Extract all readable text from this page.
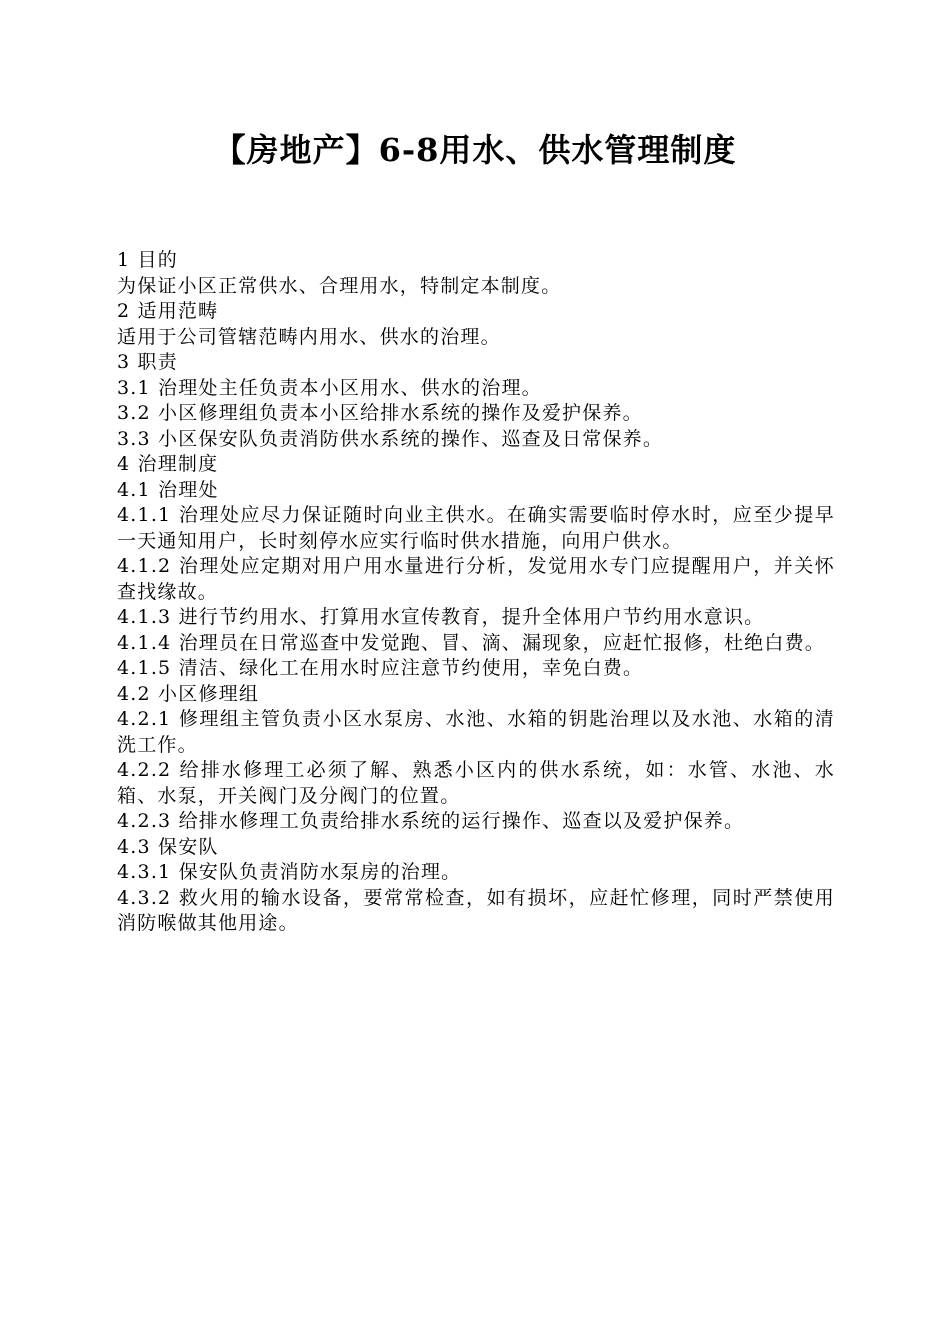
【房地产】6-8用水、供水管理制度
1 目的
为保证小区正常供水、合理用水，特制定本制度。
2 适用范畴
适用于公司管辖范畴内用水、供水的治理。
3 职责
3.1 治理处主任负责本小区用水、供水的治理。
3.2 小区修理组负责本小区给排水系统的操作及爱护保养。
3.3 小区保安队负责消防供水系统的操作、巡查及日常保养。
4 治理制度
4.1 治理处
4.1.1 治理处应尽力保证随时向业主供水。在确实需要临时停水时，应至少提早一天通知用户，长时刻停水应实行临时供水措施，向用户供水。
4.1.2 治理处应定期对用户用水量进行分析，发觉用水专门应提醒用户，并关怀查找缘故。
4.1.3 进行节约用水、打算用水宣传教育，提升全体用户节约用水意识。
4.1.4 治理员在日常巡查中发觉跑、冒、滴、漏现象，应赶忙报修，杜绝白费。
4.1.5 清洁、绿化工在用水时应注意节约使用，幸免白费。
4.2 小区修理组
4.2.1 修理组主管负责小区水泵房、水池、水箱的钥匙治理以及水池、水箱的清洗工作。
4.2.2 给排水修理工必须了解、熟悉小区内的供水系统，如：水管、水池、水箱、水泵，开关阀门及分阀门的位置。
4.2.3 给排水修理工负责给排水系统的运行操作、巡查以及爱护保养。
4.3 保安队
4.3.1 保安队负责消防水泵房的治理。
4.3.2 救火用的输水设备，要常常检查，如有损坏，应赶忙修理，同时严禁使用消防喉做其他用途。
